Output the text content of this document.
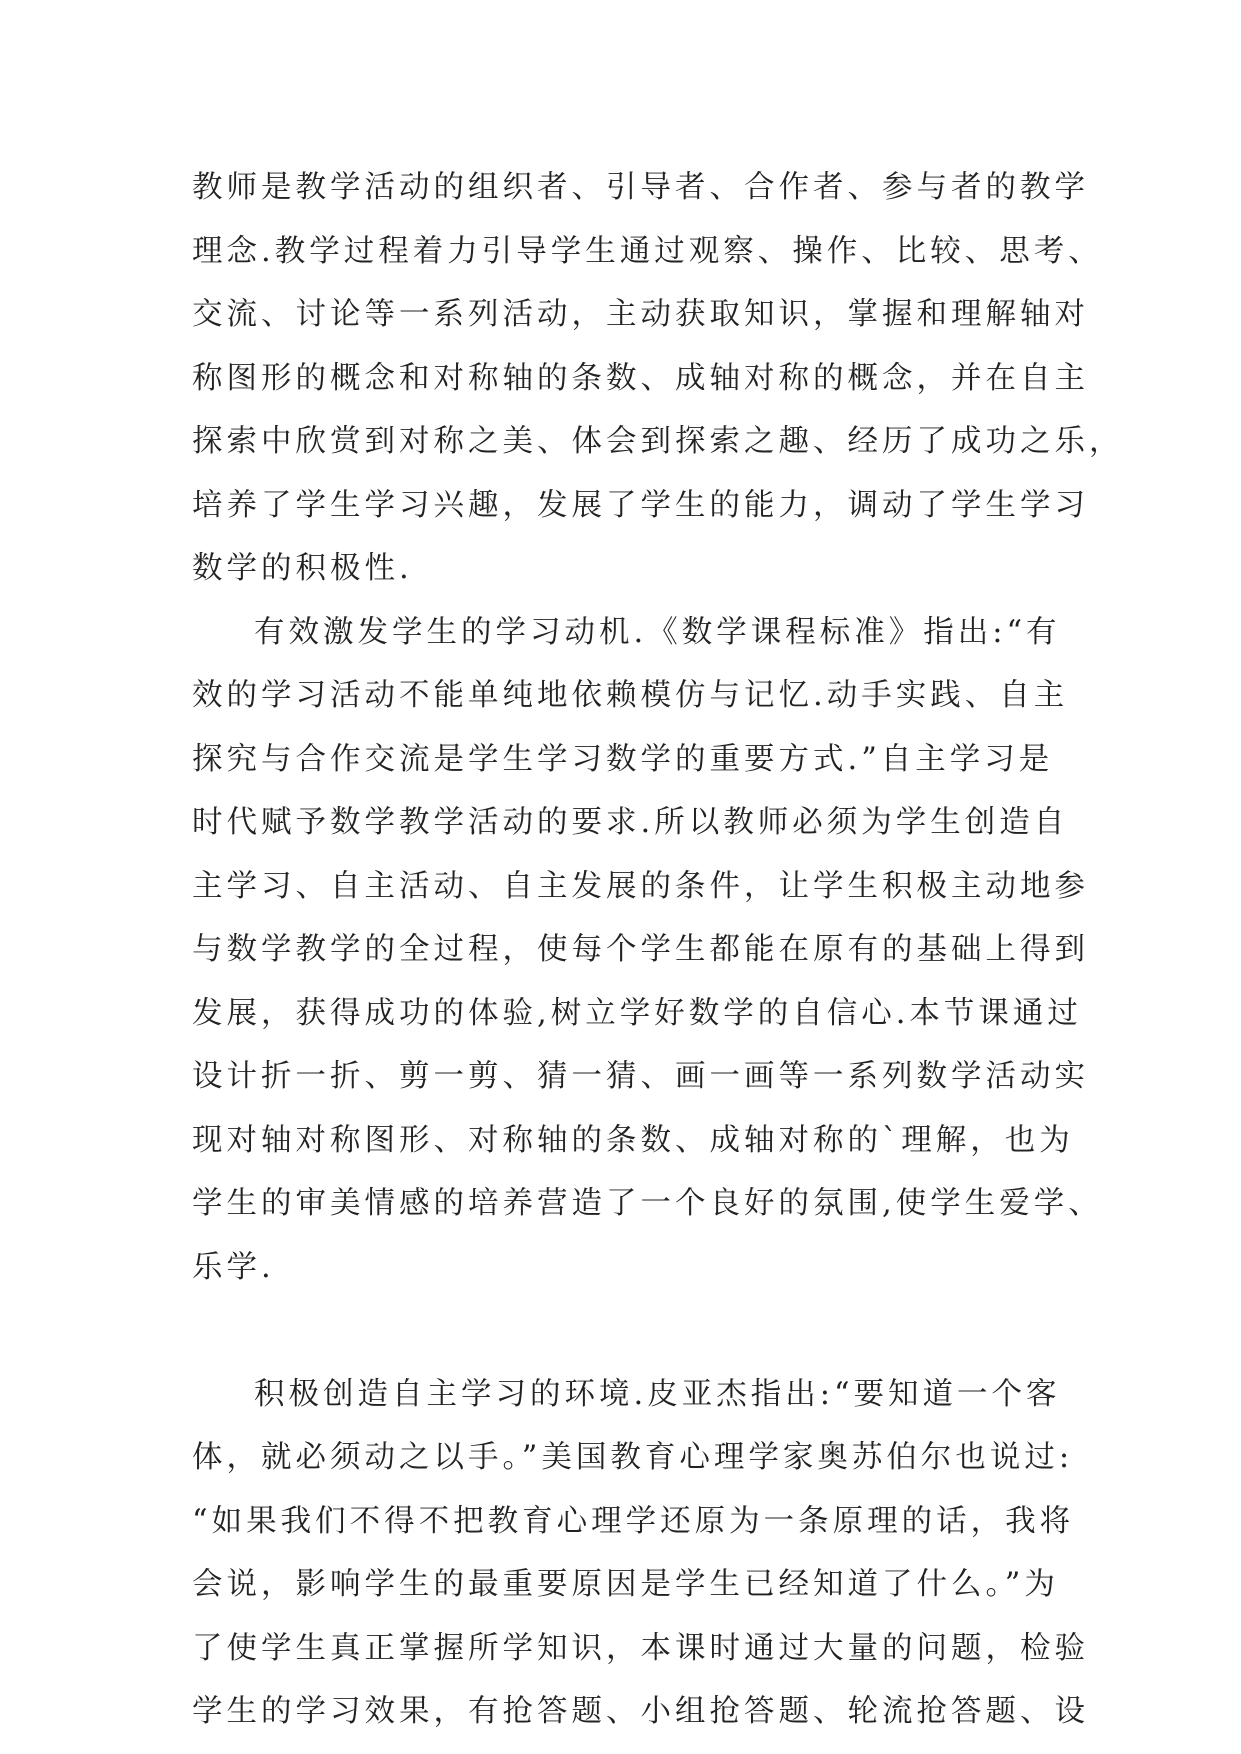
教师是教学活动的组织者、引导者、合作者、参与者的教学
理念.教学过程着力引导学生通过观察、操作、比较、思考、
交流、讨论等一系列活动，主动获取知识，掌握和理解轴对
称图形的概念和对称轴的条数、成轴对称的概念，并在自主
探索中欣赏到对称之美、体会到探索之趣、经历了成功之乐，
培养了学生学习兴趣，发展了学生的能力，调动了学生学习
数学的积极性.
有效激发学生的学习动机.《数学课程标准》指出:“有
效的学习活动不能单纯地依赖模仿与记忆.动手实践、自主
探究与合作交流是学生学习数学的重要方式.”自主学习是
时代赋予数学教学活动的要求.所以教师必须为学生创造自
主学习、自主活动、自主发展的条件，让学生积极主动地参
与数学教学的全过程，使每个学生都能在原有的基础上得到
发展，获得成功的体验,树立学好数学的自信心.本节课通过
设计折一折、剪一剪、猜一猜、画一画等一系列数学活动实
现对轴对称图形、对称轴的条数、成轴对称的`理解，也为
学生的审美情感的培养营造了一个良好的氛围,使学生爱学、
乐学.
积极创造自主学习的环境.皮亚杰指出:“要知道一个客
体，就必须动之以手。”美国教育心理学家奥苏伯尔也说过:
“如果我们不得不把教育心理学还原为一条原理的话，我将
会说，影响学生的最重要原因是学生已经知道了什么。”为
了使学生真正掌握所学知识，本课时通过大量的问题，检验
学生的学习效果，有抢答题、小组抢答题、轮流抢答题、设
